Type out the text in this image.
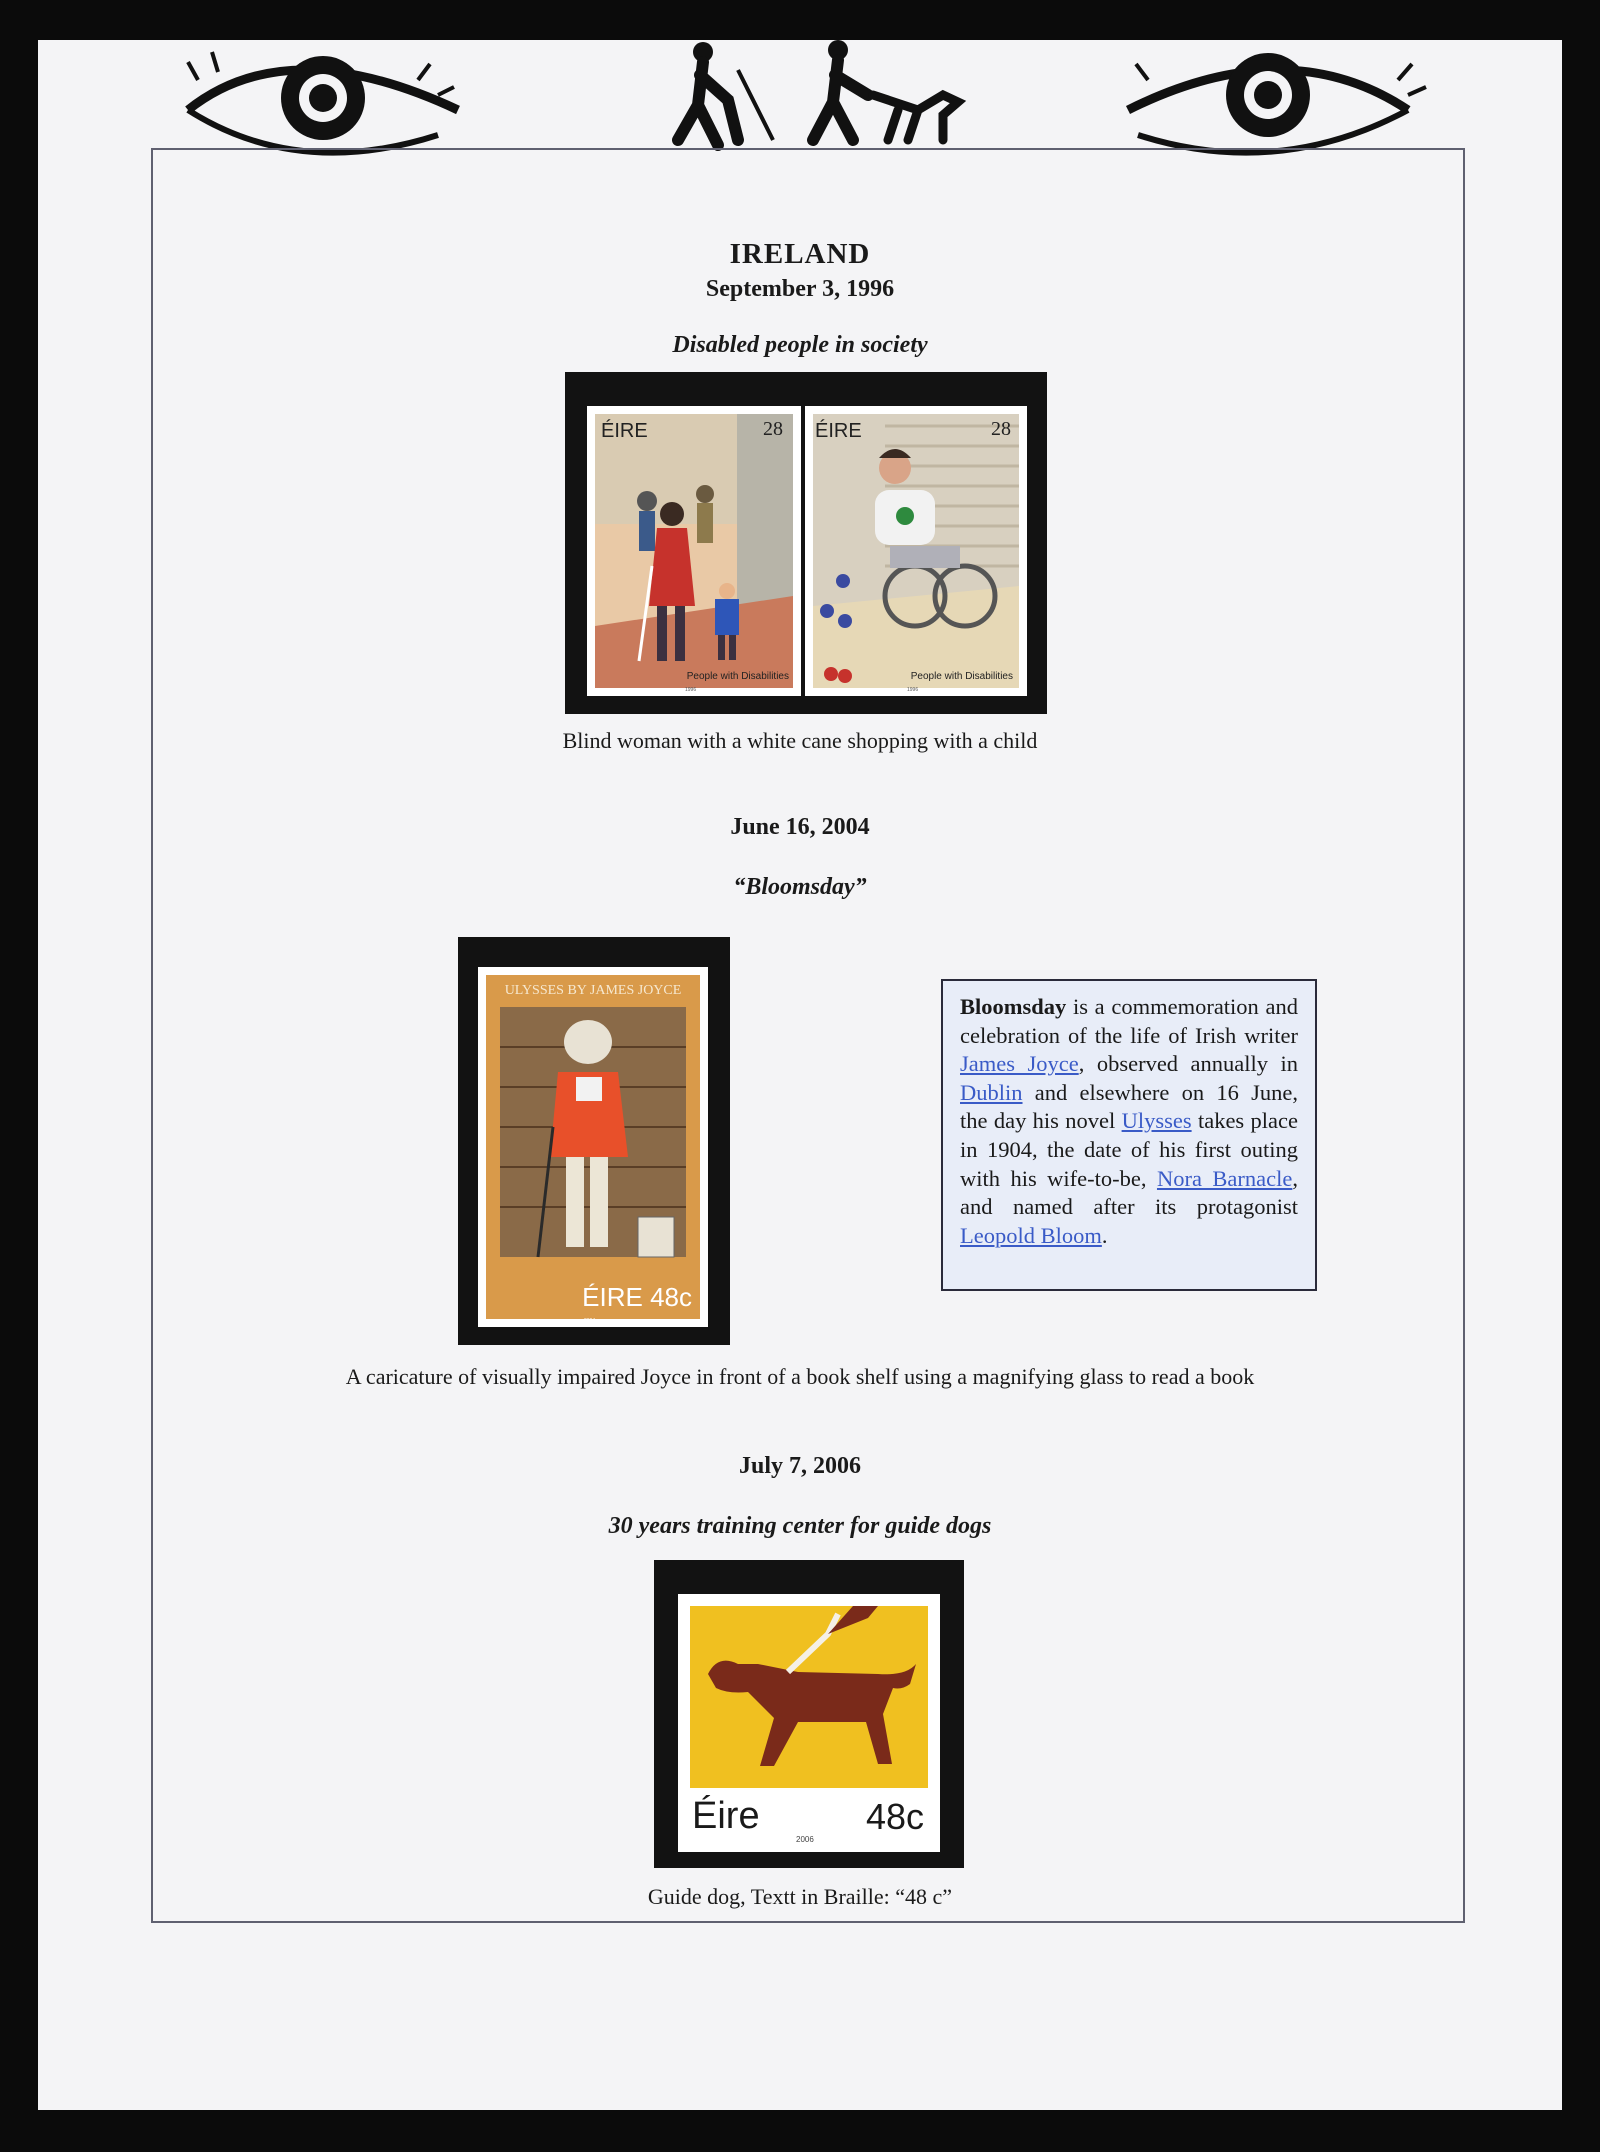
IRELAND
September 3, 1996
Disabled people in society
ÉIRE	28
People with Disabilities
1996
ÉIRE	28
People with Disabilities
1996
Blind woman with a white cane shopping with a child
June 16, 2004
“Bloomsday”
ULYSSES BY JAMES JOYCE
ÉIRE 48c
2004
Bloomsday is a commemoration and celebration of the life of Irish writer James Joyce, observed annually in Dublin and elsewhere on 16 June, the day his novel Ulysses takes place in 1904, the date of his first outing with his wife-to-be, Nora Barnacle, and named after its protagonist Leopold Bloom.
A caricature of visually impaired Joyce in front of a book shelf using a magnifying glass to read a book
July 7, 2006
30 years training center for guide dogs
Éire	48c
2006
Guide dog, Textt in Braille: “48 c”
